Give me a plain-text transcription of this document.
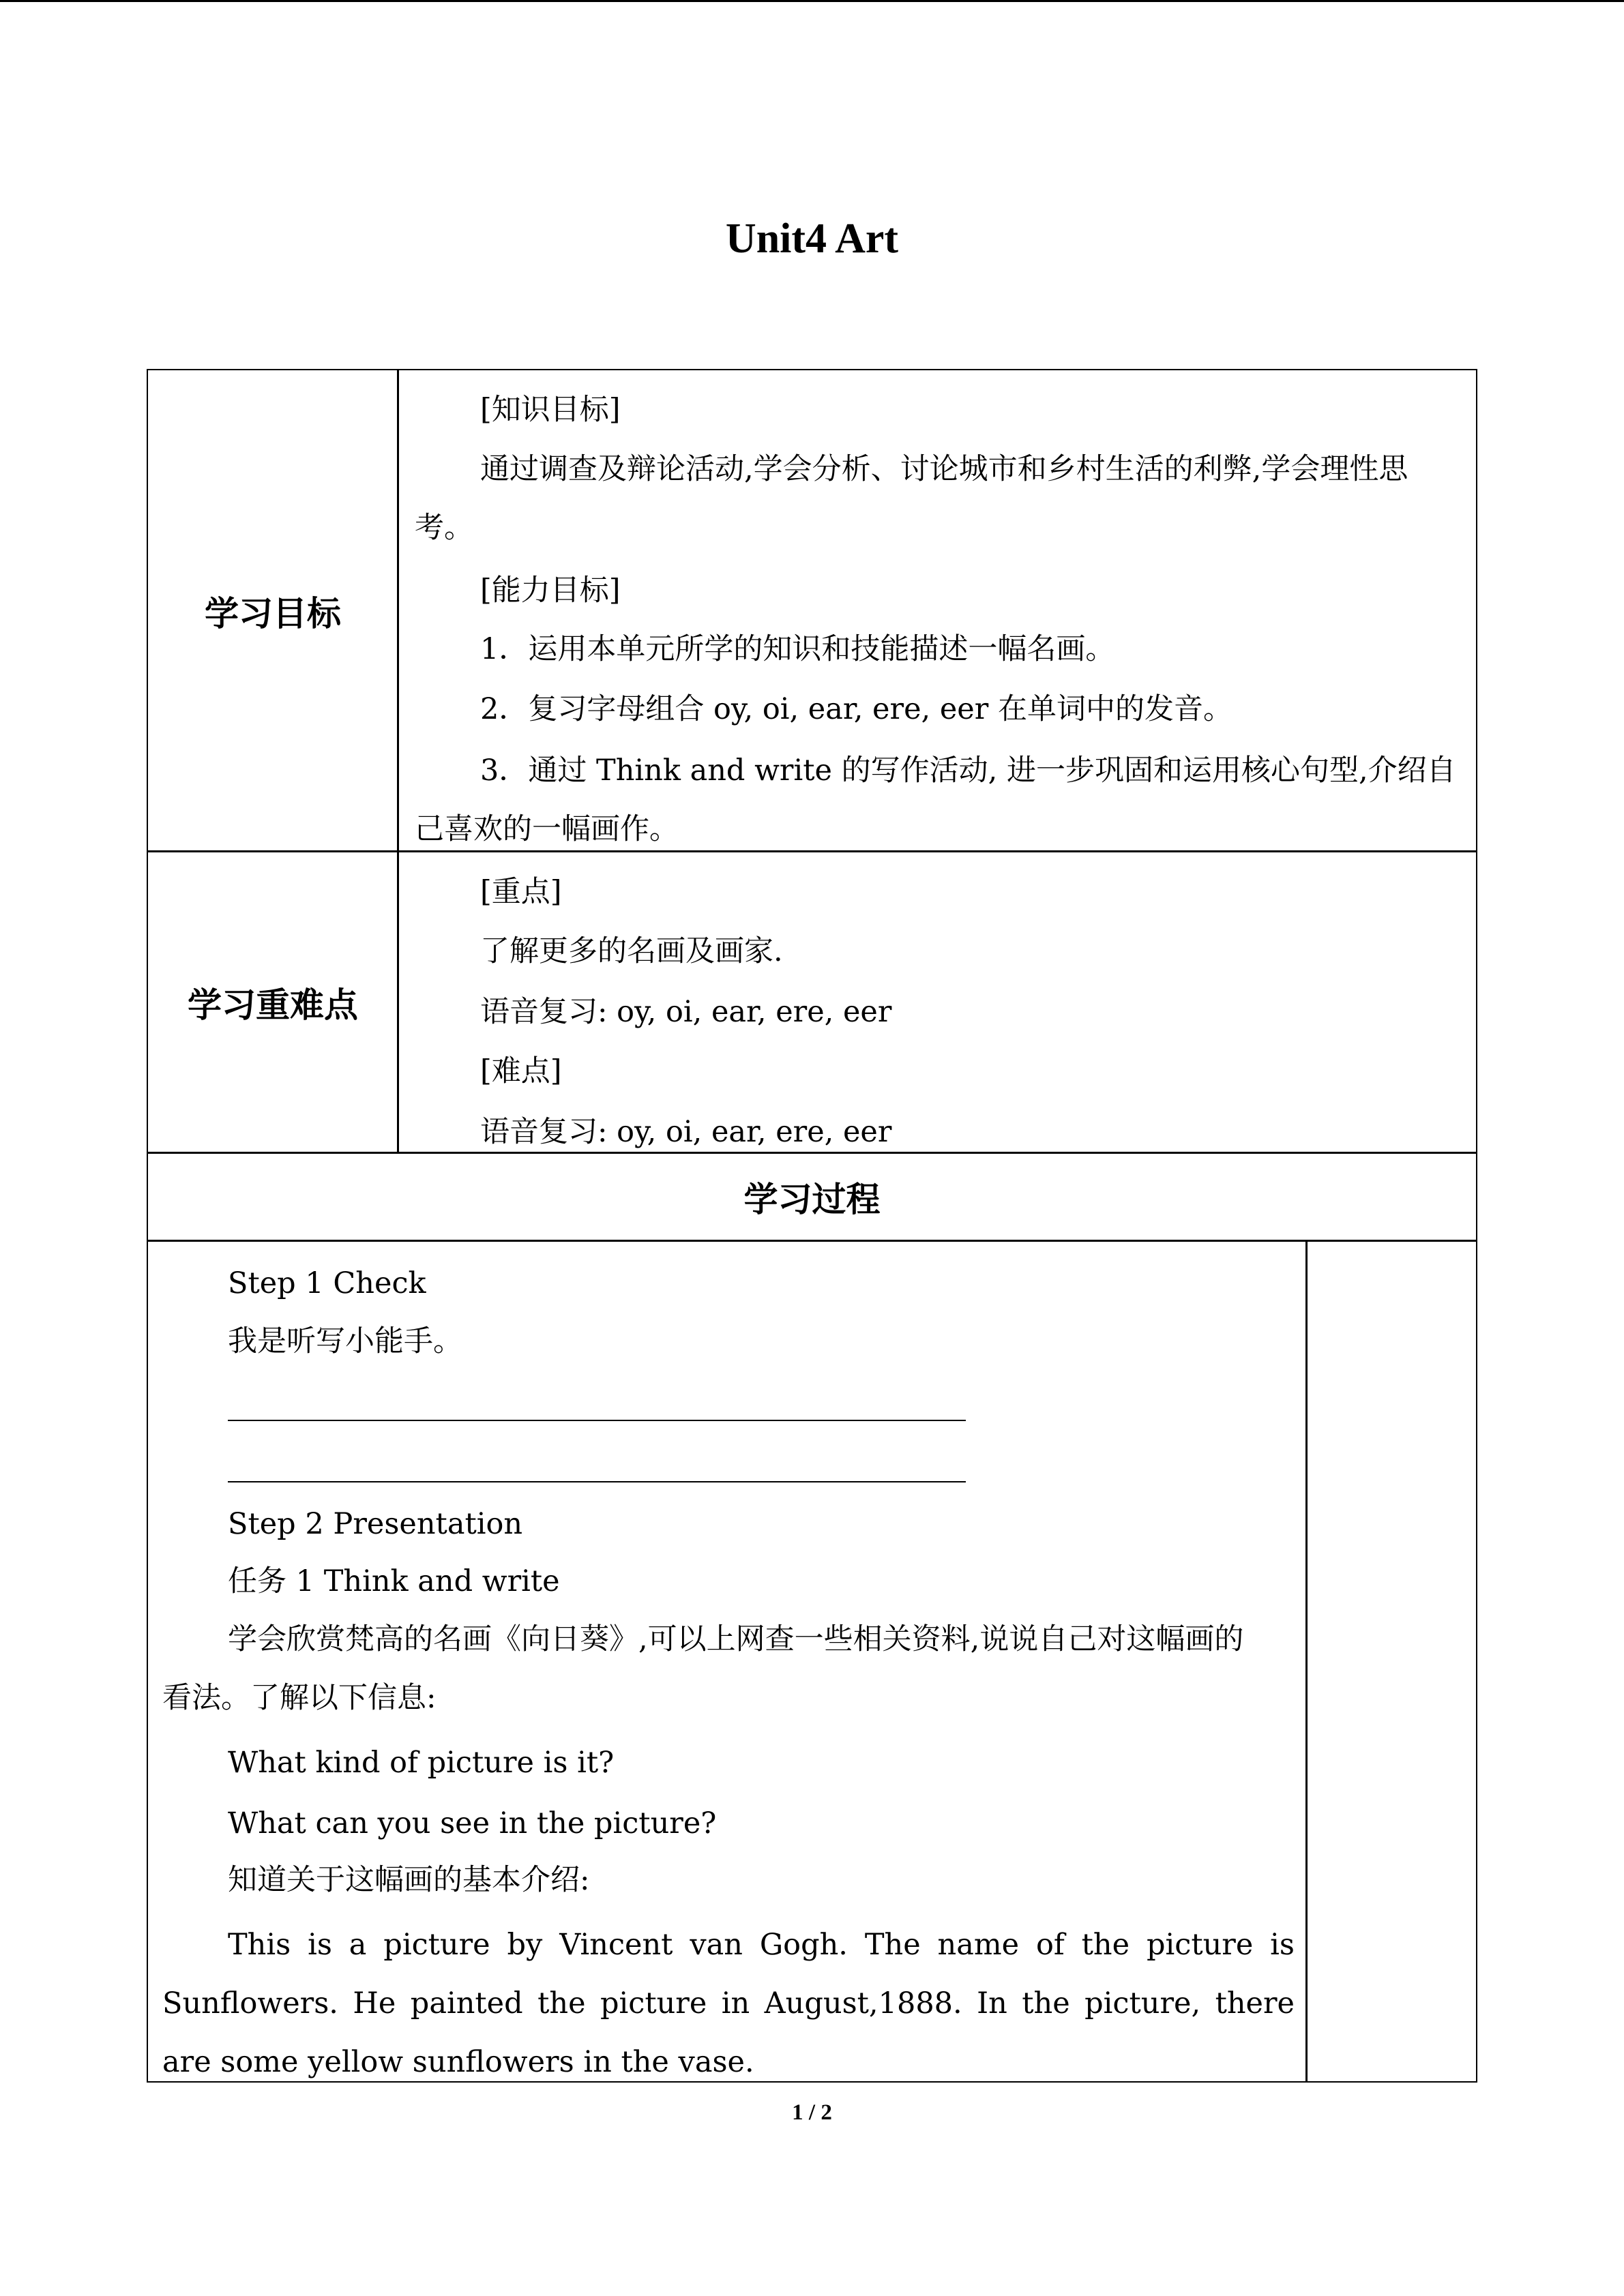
Unit4 Art
学习目标
[知识目标]

通过调查及辩论活动,学会分析、讨论城市和乡村生活的利弊,学会理性思考。

[能力目标]
1．运用本单元所学的知识和技能描述一幅名画。
2．复习字母组合 oy, oi, ear, ere, eer 在单词中的发音。

3．通过 Think and write 的写作活动, 进一步巩固和运用核心句型,介绍自己喜欢的一幅画作。

学习重难点
[重点]
了解更多的名画及画家.
语音复习: oy, oi, ear, ere, eer
[难点]
语音复习: oy, oi, ear, ere, eer
学习过程
Step 1 Check
我是听写小能手。
Step 2 Presentation
任务 1 Think and write

学会欣赏梵高的名画《向日葵》,可以上网查一些相关资料,说说自己对这幅画的看法。了解以下信息:

What kind of picture is it?
What can you see in the picture?
知道关于这幅画的基本介绍:

This is a picture by Vincent van Gogh. The name of the picture is Sunflowers. He painted the picture in August,1888. In the picture, there are some yellow sunflowers in the vase.

1 / 2
